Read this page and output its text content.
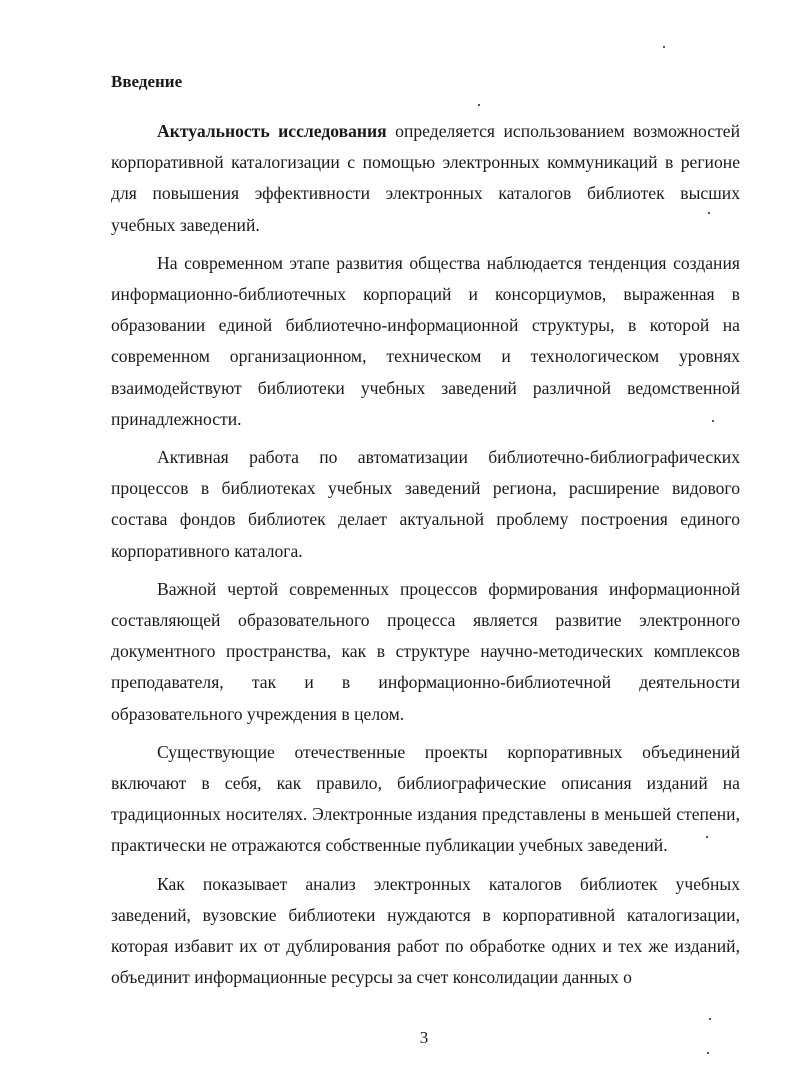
Введение

Актуальность исследования определяется использованием возможностей корпоративной каталогизации с помощью электронных коммуникаций в регионе для повышения эффективности электронных каталогов библиотек высших учебных заведений.

На современном этапе развития общества наблюдается тенденция создания информационно-библиотечных корпораций и консорциумов, выраженная в образовании единой библиотечно-информационной структуры, в которой на современном организационном, техническом и технологическом уровнях взаимодействуют библиотеки учебных заведений различной ведомственной принадлежности.

Активная работа по автоматизации библиотечно-библиографических процессов в библиотеках учебных заведений региона, расширение видового состава фондов библиотек делает актуальной проблему построения единого корпоративного каталога.

Важной чертой современных процессов формирования информационной составляющей образовательного процесса является развитие электронного документного пространства, как в структуре научно-методических комплексов преподавателя, так и в информационно-библиотечной деятельности образовательного учреждения в целом.

Существующие отечественные проекты корпоративных объединений включают в себя, как правило, библиографические описания изданий на традиционных носителях. Электронные издания представлены в меньшей степени, практически не отражаются собственные публикации учебных заведений.

Как показывает анализ электронных каталогов библиотек учебных заведений, вузовские библиотеки нуждаются в корпоративной каталогизации, которая избавит их от дублирования работ по обработке одних и тех же изданий, объединит информационные ресурсы за счет консолидации данных о

3
